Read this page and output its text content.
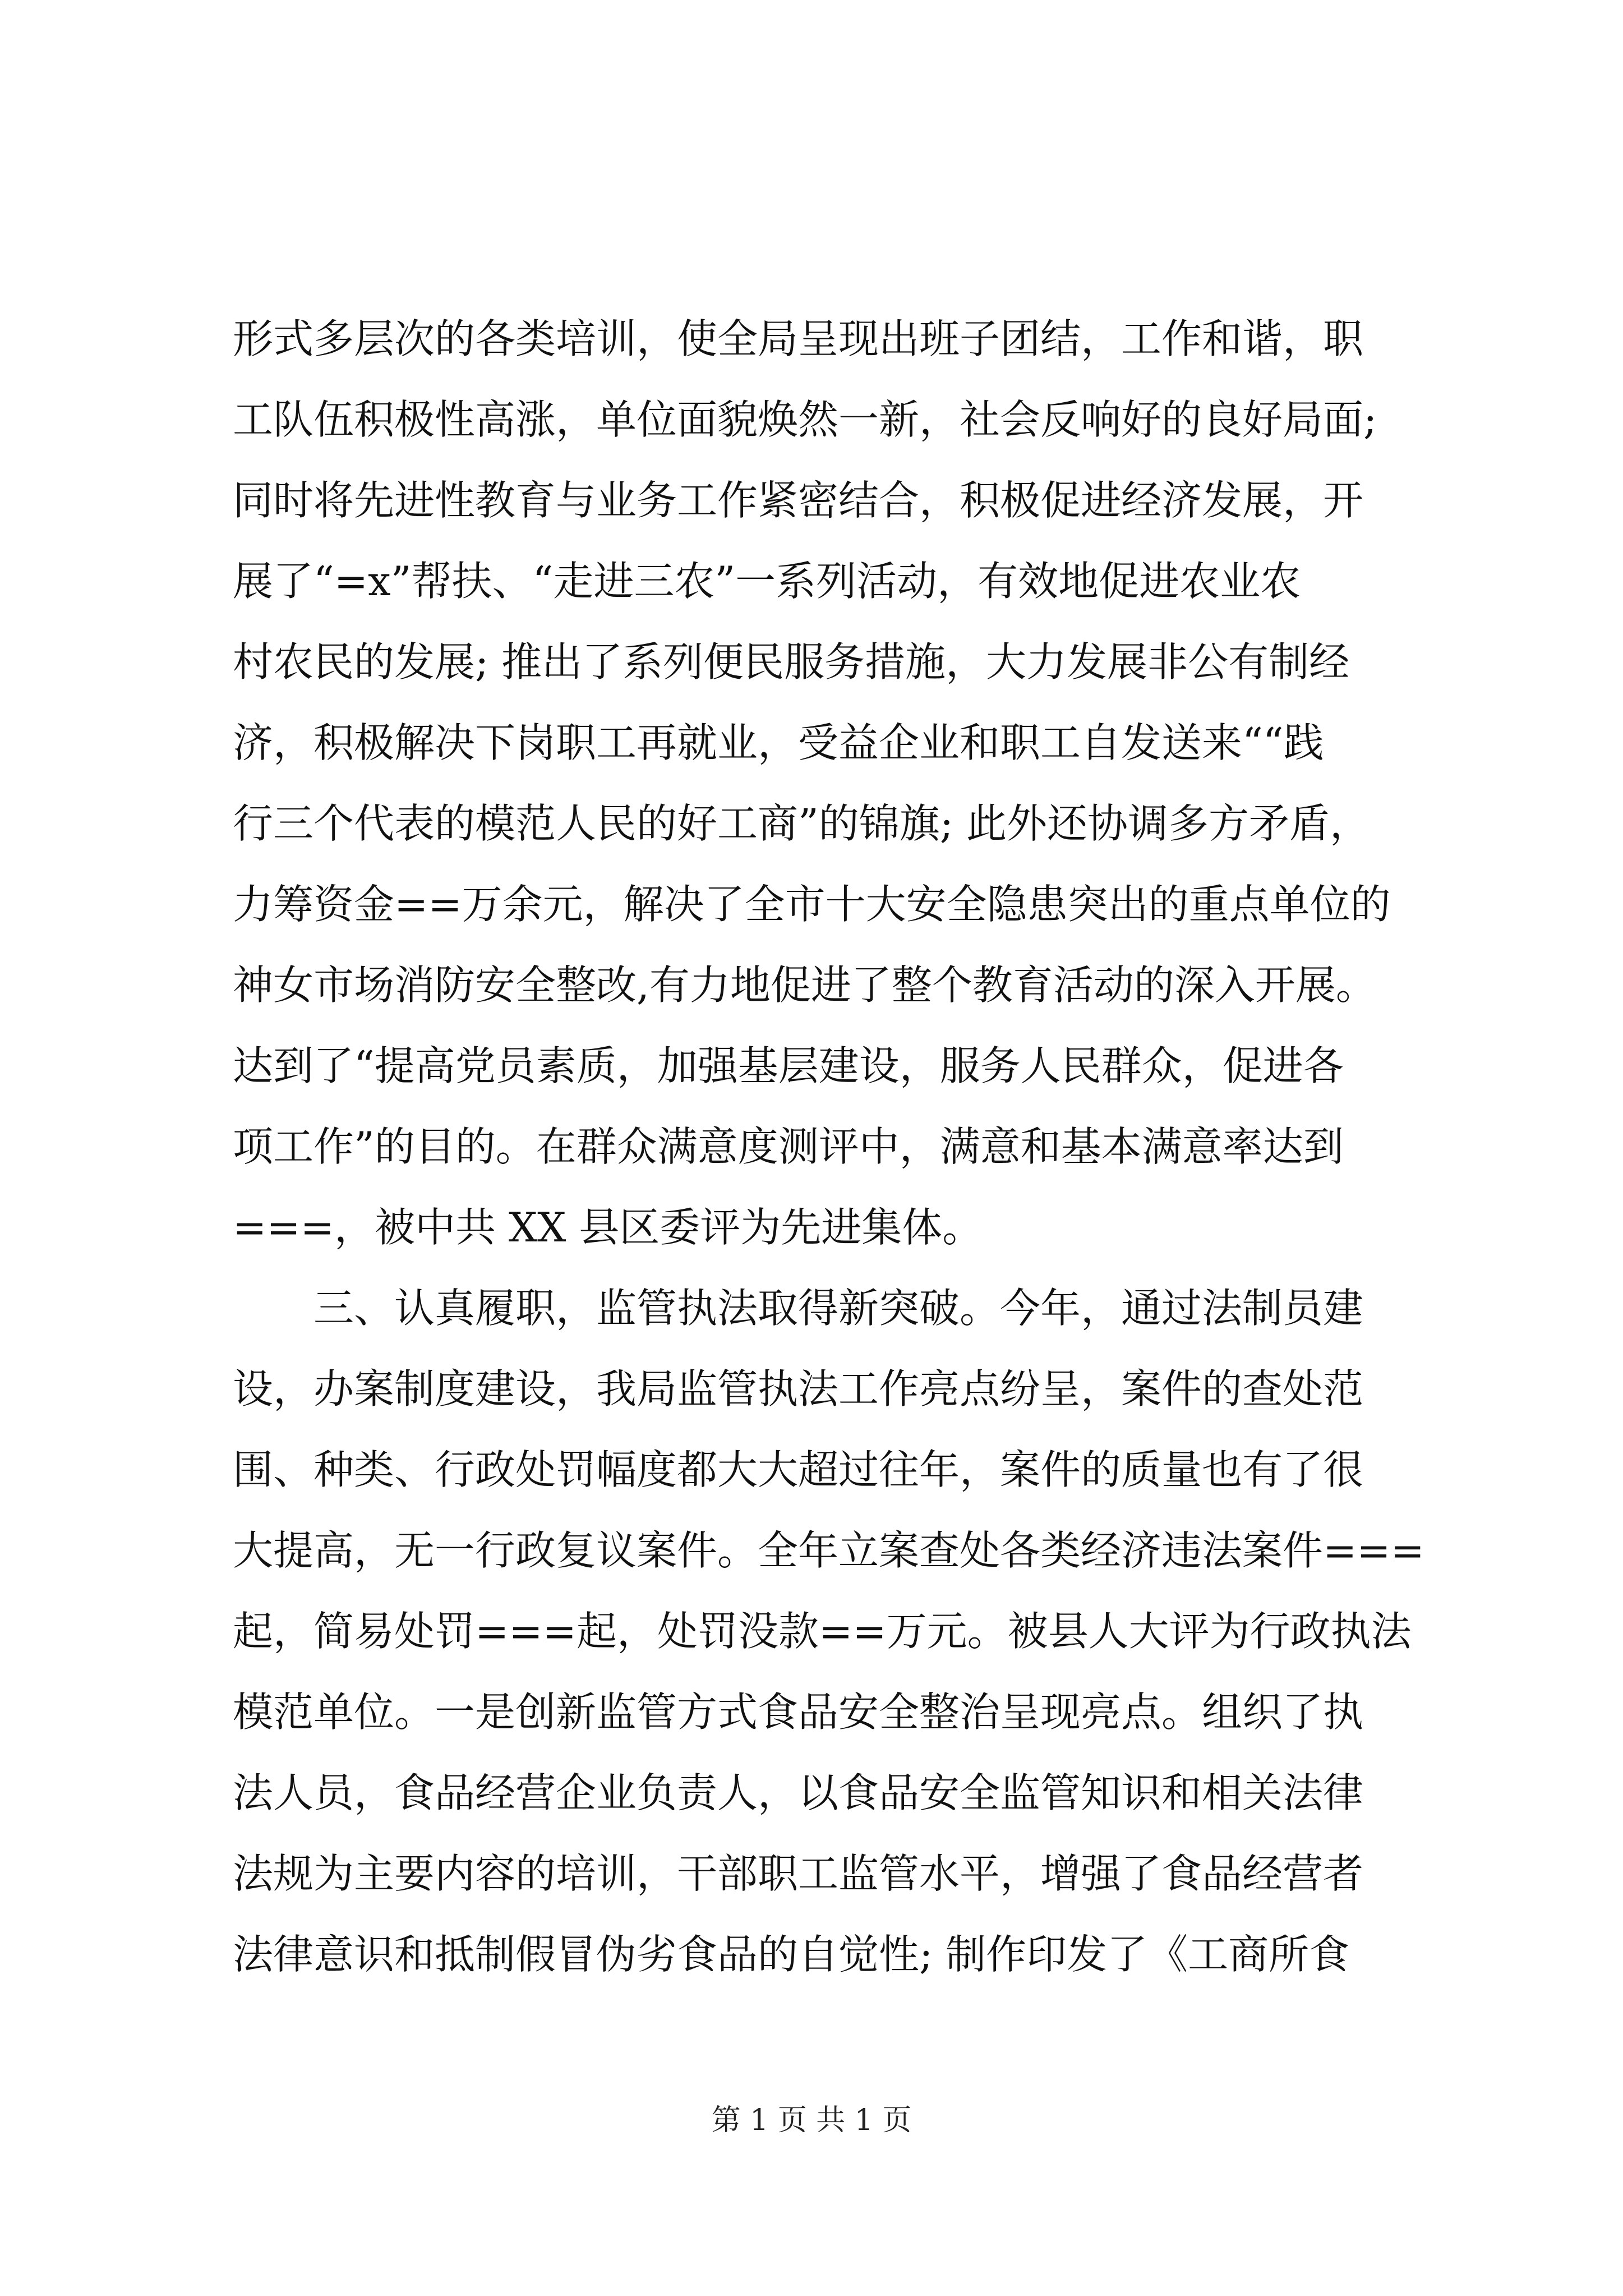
形式多层次的各类培训，使全局呈现出班子团结，工作和谐，职
工队伍积极性高涨，单位面貌焕然一新，社会反响好的良好局面;
同时将先进性教育与业务工作紧密结合，积极促进经济发展，开
展了“=x”帮扶、“走进三农”一系列活动，有效地促进农业农
村农民的发展; 推出了系列便民服务措施，大力发展非公有制经
济，积极解决下岗职工再就业，受益企业和职工自发送来““践
行三个代表的模范人民的好工商”的锦旗; 此外还协调多方矛盾，
力筹资金==万余元，解决了全市十大安全隐患突出的重点单位的
神女市场消防安全整改,有力地促进了整个教育活动的深入开展。
达到了“提高党员素质，加强基层建设，服务人民群众，促进各
项工作”的目的。在群众满意度测评中，满意和基本满意率达到
===，被中共 XX 县区委评为先进集体。
三、认真履职，监管执法取得新突破。今年，通过法制员建
设，办案制度建设，我局监管执法工作亮点纷呈，案件的查处范
围、种类、行政处罚幅度都大大超过往年，案件的质量也有了很
大提高，无一行政复议案件。全年立案查处各类经济违法案件===
起，简易处罚===起，处罚没款==万元。被县人大评为行政执法
模范单位。一是创新监管方式食品安全整治呈现亮点。组织了执
法人员，食品经营企业负责人，以食品安全监管知识和相关法律
法规为主要内容的培训，干部职工监管水平，增强了食品经营者
法律意识和抵制假冒伪劣食品的自觉性; 制作印发了《工商所食
第 1 页 共 1 页
